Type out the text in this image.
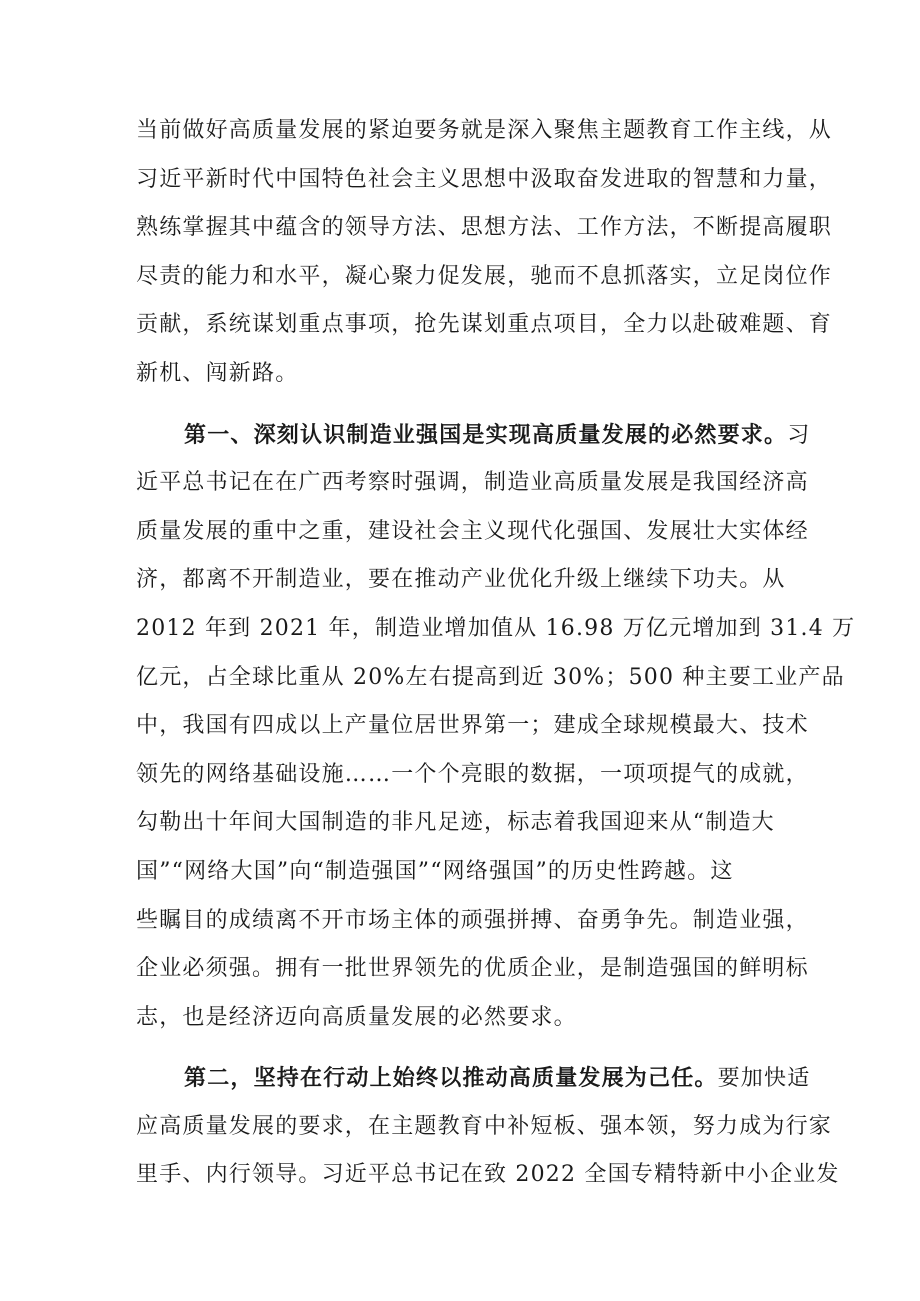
当前做好高质量发展的紧迫要务就是深入聚焦主题教育工作主线，从
习近平新时代中国特色社会主义思想中汲取奋发进取的智慧和力量，
熟练掌握其中蕴含的领导方法、思想方法、工作方法，不断提高履职
尽责的能力和水平，凝心聚力促发展，驰而不息抓落实，立足岗位作
贡献，系统谋划重点事项，抢先谋划重点项目，全力以赴破难题、育
新机、闯新路。
第一、深刻认识制造业强国是实现高质量发展的必然要求。习
近平总书记在在广西考察时强调，制造业高质量发展是我国经济高
质量发展的重中之重，建设社会主义现代化强国、发展壮大实体经
济，都离不开制造业，要在推动产业优化升级上继续下功夫。从
2012 年到 2021 年，制造业增加值从 16.98 万亿元增加到 31.4 万
亿元，占全球比重从 20%左右提高到近 30%；500 种主要工业产品
中，我国有四成以上产量位居世界第一；建成全球规模最大、技术
领先的网络基础设施……一个个亮眼的数据，一项项提气的成就，
勾勒出十年间大国制造的非凡足迹，标志着我国迎来从“制造大
国”“网络大国”向“制造强国”“网络强国”的历史性跨越。这
些瞩目的成绩离不开市场主体的顽强拼搏、奋勇争先。制造业强，
企业必须强。拥有一批世界领先的优质企业，是制造强国的鲜明标
志，也是经济迈向高质量发展的必然要求。
第二，坚持在行动上始终以推动高质量发展为己任。要加快适
应高质量发展的要求，在主题教育中补短板、强本领，努力成为行家
里手、内行领导。习近平总书记在致 2022 全国专精特新中小企业发
